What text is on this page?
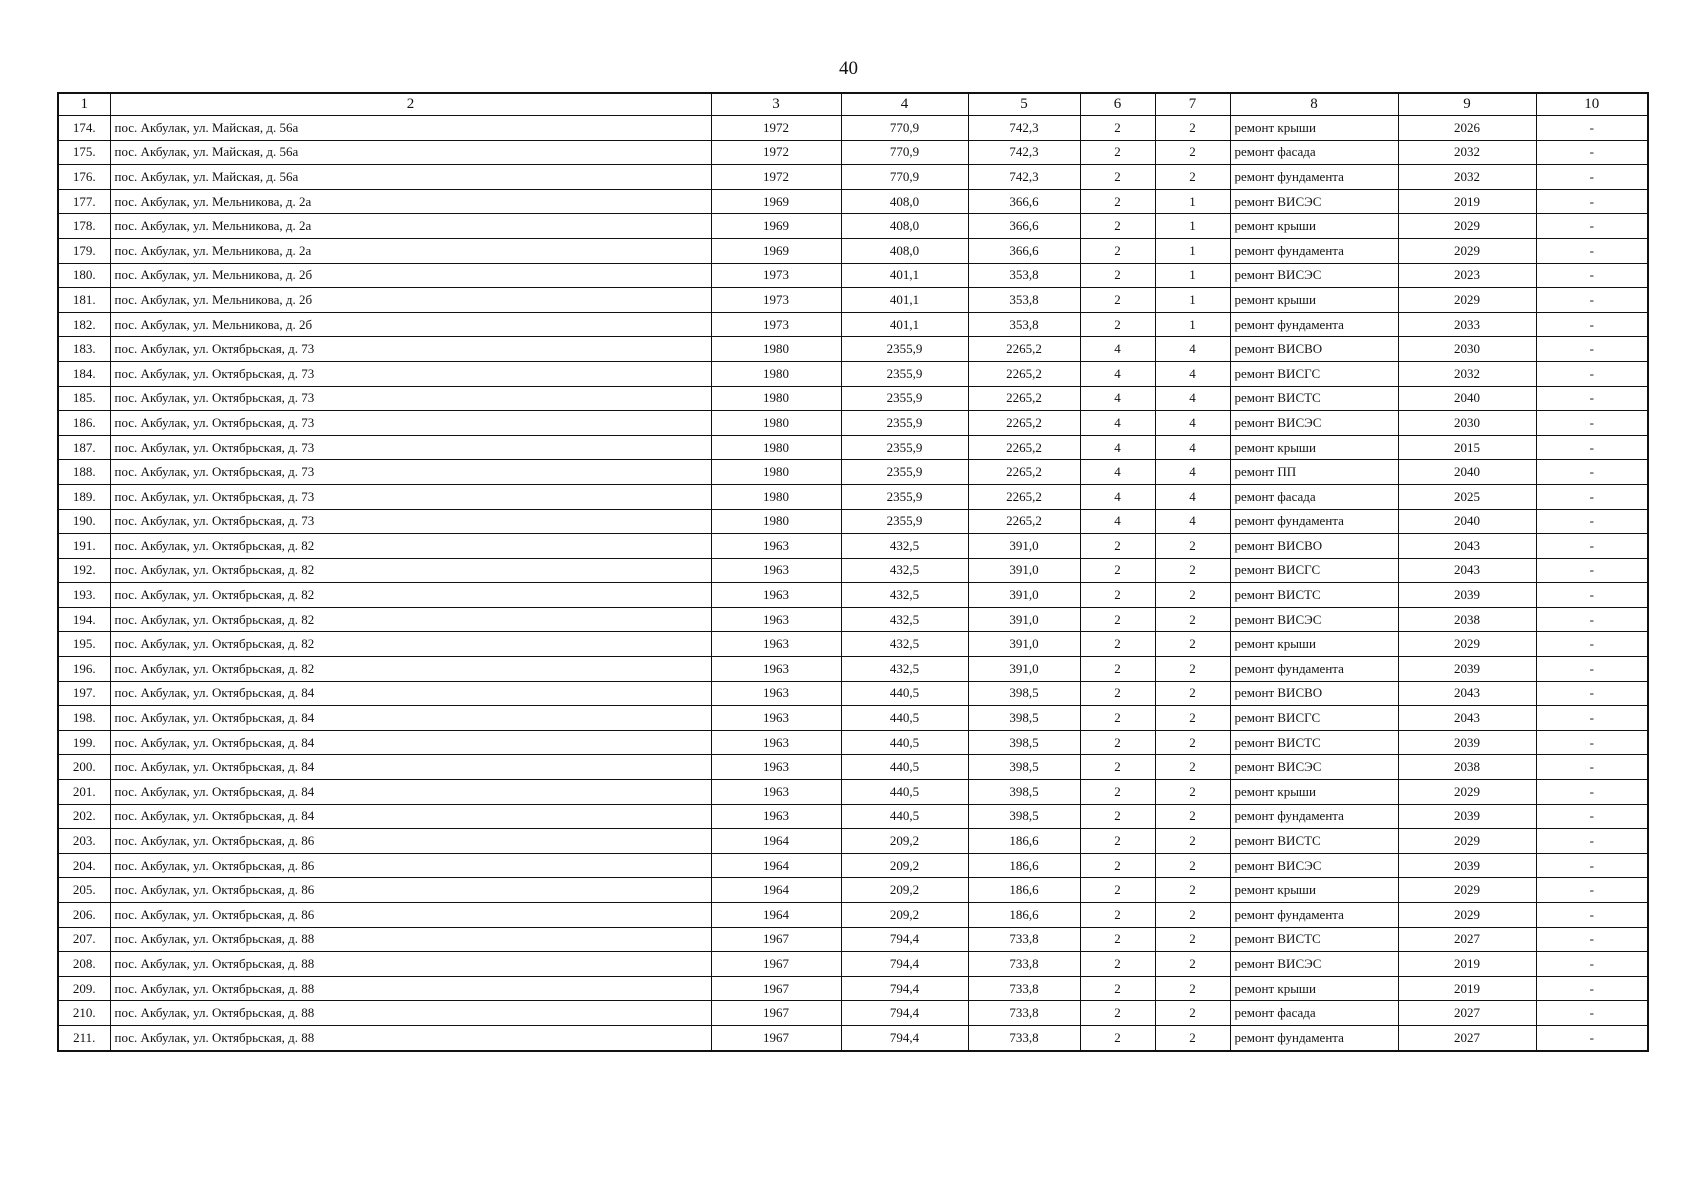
40
1	2	3	4	5	6	7	8	9	10
174.	пос. Акбулак, ул. Майская, д. 56а	1972	770,9	742,3	2	2	ремонт крыши	2026	-
175.	пос. Акбулак, ул. Майская, д. 56а	1972	770,9	742,3	2	2	ремонт фасада	2032	-
176.	пос. Акбулак, ул. Майская, д. 56а	1972	770,9	742,3	2	2	ремонт фундамента	2032	-
177.	пос. Акбулак, ул. Мельникова, д. 2а	1969	408,0	366,6	2	1	ремонт ВИСЭС	2019	-
178.	пос. Акбулак, ул. Мельникова, д. 2а	1969	408,0	366,6	2	1	ремонт крыши	2029	-
179.	пос. Акбулак, ул. Мельникова, д. 2а	1969	408,0	366,6	2	1	ремонт фундамента	2029	-
180.	пос. Акбулак, ул. Мельникова, д. 2б	1973	401,1	353,8	2	1	ремонт ВИСЭС	2023	-
181.	пос. Акбулак, ул. Мельникова, д. 2б	1973	401,1	353,8	2	1	ремонт крыши	2029	-
182.	пос. Акбулак, ул. Мельникова, д. 2б	1973	401,1	353,8	2	1	ремонт фундамента	2033	-
183.	пос. Акбулак, ул. Октябрьская, д. 73	1980	2355,9	2265,2	4	4	ремонт ВИСВО	2030	-
184.	пос. Акбулак, ул. Октябрьская, д. 73	1980	2355,9	2265,2	4	4	ремонт ВИСГС	2032	-
185.	пос. Акбулак, ул. Октябрьская, д. 73	1980	2355,9	2265,2	4	4	ремонт ВИСТС	2040	-
186.	пос. Акбулак, ул. Октябрьская, д. 73	1980	2355,9	2265,2	4	4	ремонт ВИСЭС	2030	-
187.	пос. Акбулак, ул. Октябрьская, д. 73	1980	2355,9	2265,2	4	4	ремонт крыши	2015	-
188.	пос. Акбулак, ул. Октябрьская, д. 73	1980	2355,9	2265,2	4	4	ремонт ПП	2040	-
189.	пос. Акбулак, ул. Октябрьская, д. 73	1980	2355,9	2265,2	4	4	ремонт фасада	2025	-
190.	пос. Акбулак, ул. Октябрьская, д. 73	1980	2355,9	2265,2	4	4	ремонт фундамента	2040	-
191.	пос. Акбулак, ул. Октябрьская, д. 82	1963	432,5	391,0	2	2	ремонт ВИСВО	2043	-
192.	пос. Акбулак, ул. Октябрьская, д. 82	1963	432,5	391,0	2	2	ремонт ВИСГС	2043	-
193.	пос. Акбулак, ул. Октябрьская, д. 82	1963	432,5	391,0	2	2	ремонт ВИСТС	2039	-
194.	пос. Акбулак, ул. Октябрьская, д. 82	1963	432,5	391,0	2	2	ремонт ВИСЭС	2038	-
195.	пос. Акбулак, ул. Октябрьская, д. 82	1963	432,5	391,0	2	2	ремонт крыши	2029	-
196.	пос. Акбулак, ул. Октябрьская, д. 82	1963	432,5	391,0	2	2	ремонт фундамента	2039	-
197.	пос. Акбулак, ул. Октябрьская, д. 84	1963	440,5	398,5	2	2	ремонт ВИСВО	2043	-
198.	пос. Акбулак, ул. Октябрьская, д. 84	1963	440,5	398,5	2	2	ремонт ВИСГС	2043	-
199.	пос. Акбулак, ул. Октябрьская, д. 84	1963	440,5	398,5	2	2	ремонт ВИСТС	2039	-
200.	пос. Акбулак, ул. Октябрьская, д. 84	1963	440,5	398,5	2	2	ремонт ВИСЭС	2038	-
201.	пос. Акбулак, ул. Октябрьская, д. 84	1963	440,5	398,5	2	2	ремонт крыши	2029	-
202.	пос. Акбулак, ул. Октябрьская, д. 84	1963	440,5	398,5	2	2	ремонт фундамента	2039	-
203.	пос. Акбулак, ул. Октябрьская, д. 86	1964	209,2	186,6	2	2	ремонт ВИСТС	2029	-
204.	пос. Акбулак, ул. Октябрьская, д. 86	1964	209,2	186,6	2	2	ремонт ВИСЭС	2039	-
205.	пос. Акбулак, ул. Октябрьская, д. 86	1964	209,2	186,6	2	2	ремонт крыши	2029	-
206.	пос. Акбулак, ул. Октябрьская, д. 86	1964	209,2	186,6	2	2	ремонт фундамента	2029	-
207.	пос. Акбулак, ул. Октябрьская, д. 88	1967	794,4	733,8	2	2	ремонт ВИСТС	2027	-
208.	пос. Акбулак, ул. Октябрьская, д. 88	1967	794,4	733,8	2	2	ремонт ВИСЭС	2019	-
209.	пос. Акбулак, ул. Октябрьская, д. 88	1967	794,4	733,8	2	2	ремонт крыши	2019	-
210.	пос. Акбулак, ул. Октябрьская, д. 88	1967	794,4	733,8	2	2	ремонт фасада	2027	-
211.	пос. Акбулак, ул. Октябрьская, д. 88	1967	794,4	733,8	2	2	ремонт фундамента	2027	-
